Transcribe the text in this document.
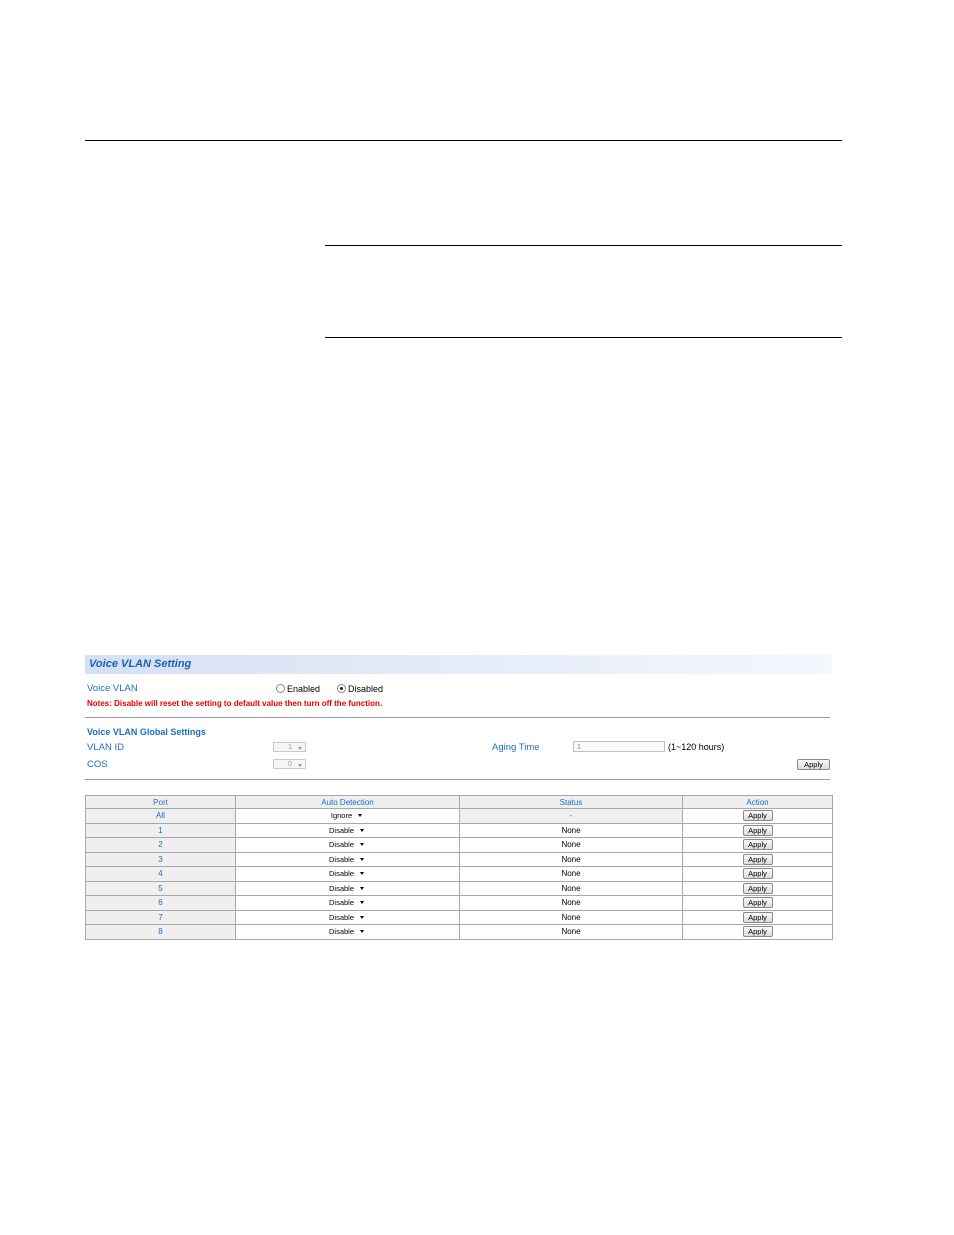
Voice VLAN Setting
Voice VLAN	Enabled	Disabled
Notes: Disable will reset the setting to default value then turn off the function.
Voice VLAN Global Settings
VLAN ID	1
COS	0
Aging Time	1	(1~120 hours)
Apply
Port	Auto Detection	Status	Action
All	Ignore	-	Apply
1	Disable	None	Apply
2	Disable	None	Apply
3	Disable	None	Apply
4	Disable	None	Apply
5	Disable	None	Apply
6	Disable	None	Apply
7	Disable	None	Apply
8	Disable	None	Apply
